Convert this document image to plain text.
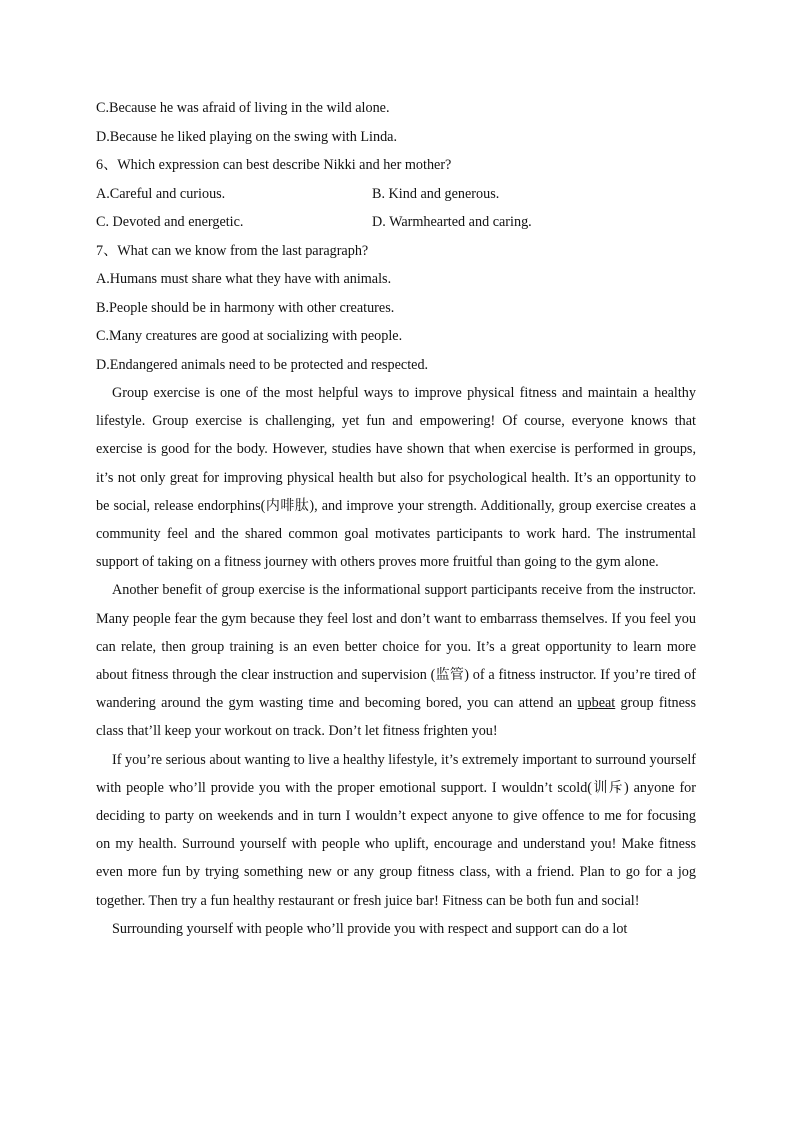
C.Because he was afraid of living in the wild alone.
D.Because he liked playing on the swing with Linda.
6、Which expression can best describe Nikki and her mother?
A.Careful and curious.	B. Kind and generous.
C. Devoted and energetic.	D. Warmhearted and caring.
7、What can we know from the last paragraph?
A.Humans must share what they have with animals.
B.People should be in harmony with other creatures.
C.Many creatures are good at socializing with people.
D.Endangered animals need to be protected and respected.

Group exercise is one of the most helpful ways to improve physical fitness and maintain a healthy lifestyle. Group exercise is challenging, yet fun and empowering! Of course, everyone knows that exercise is good for the body. However, studies have shown that when exercise is performed in groups, it’s not only great for improving physical health but also for psychological health. It’s an opportunity to be social, release endorphins(内啡肽), and improve your strength. Additionally, group exercise creates a community feel and the shared common goal motivates participants to work hard. The instrumental support of taking on a fitness journey with others proves more fruitful than going to the gym alone.

Another benefit of group exercise is the informational support participants receive from the instructor. Many people fear the gym because they feel lost and don’t want to embarrass themselves. If you feel you can relate, then group training is an even better choice for you. It’s a great opportunity to learn more about fitness through the clear instruction and supervision (监管) of a fitness instructor. If you’re tired of wandering around the gym wasting time and becoming bored, you can attend an upbeat group fitness class that’ll keep your workout on track. Don’t let fitness frighten you!

If you’re serious about wanting to live a healthy lifestyle, it’s extremely important to surround yourself with people who’ll provide you with the proper emotional support. I wouldn’t scold(训斥) anyone for deciding to party on weekends and in turn I wouldn’t expect anyone to give offence to me for focusing on my health. Surround yourself with people who uplift, encourage and understand you! Make fitness even more fun by trying something new or any group fitness class, with a friend. Plan to go for a jog together. Then try a fun healthy restaurant or fresh juice bar! Fitness can be both fun and social!

Surrounding yourself with people who’ll provide you with respect and support can do a lot
